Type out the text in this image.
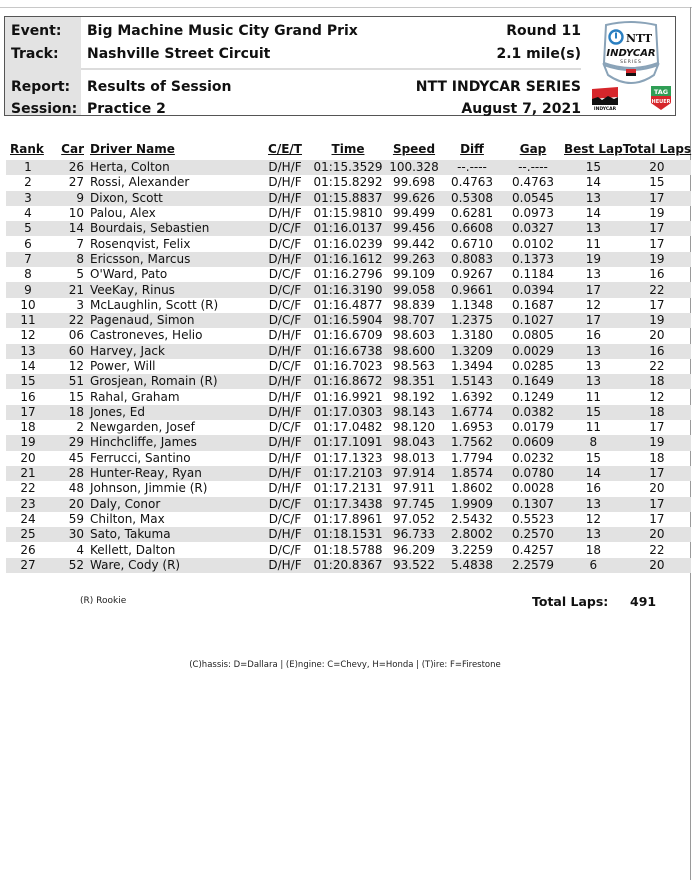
Event: Big Machine Music City Grand Prix	Round 11
Track: Nashville Street Circuit	2.1 mile(s)
Report: Results of Session	NTT INDYCAR SERIES
Session: Practice 2	August 7, 2021
NTT
INDYCAR
SERIES
INDYCAR
TAG
HEUER
Rank	Car	Driver Name	C/E/T	Time	Speed	Diff	Gap	Best Lap	Total Laps
1	26	Herta, Colton	D/H/F	01:15.3529	100.328	--.----	--.----	15	20
2	27	Rossi, Alexander	D/H/F	01:15.8292	99.698	0.4763	0.4763	14	15
3	9	Dixon, Scott	D/H/F	01:15.8837	99.626	0.5308	0.0545	13	17
4	10	Palou, Alex	D/H/F	01:15.9810	99.499	0.6281	0.0973	14	19
5	14	Bourdais, Sebastien	D/C/F	01:16.0137	99.456	0.6608	0.0327	13	17
6	7	Rosenqvist, Felix	D/C/F	01:16.0239	99.442	0.6710	0.0102	11	17
7	8	Ericsson, Marcus	D/H/F	01:16.1612	99.263	0.8083	0.1373	19	19
8	5	O'Ward, Pato	D/C/F	01:16.2796	99.109	0.9267	0.1184	13	16
9	21	VeeKay, Rinus	D/C/F	01:16.3190	99.058	0.9661	0.0394	17	22
10	3	McLaughlin, Scott (R)	D/C/F	01:16.4877	98.839	1.1348	0.1687	12	17
11	22	Pagenaud, Simon	D/C/F	01:16.5904	98.707	1.2375	0.1027	17	19
12	06	Castroneves, Helio	D/H/F	01:16.6709	98.603	1.3180	0.0805	16	20
13	60	Harvey, Jack	D/H/F	01:16.6738	98.600	1.3209	0.0029	13	16
14	12	Power, Will	D/C/F	01:16.7023	98.563	1.3494	0.0285	13	22
15	51	Grosjean, Romain (R)	D/H/F	01:16.8672	98.351	1.5143	0.1649	13	18
16	15	Rahal, Graham	D/H/F	01:16.9921	98.192	1.6392	0.1249	11	12
17	18	Jones, Ed	D/H/F	01:17.0303	98.143	1.6774	0.0382	15	18
18	2	Newgarden, Josef	D/C/F	01:17.0482	98.120	1.6953	0.0179	11	17
19	29	Hinchcliffe, James	D/H/F	01:17.1091	98.043	1.7562	0.0609	8	19
20	45	Ferrucci, Santino	D/H/F	01:17.1323	98.013	1.7794	0.0232	15	18
21	28	Hunter-Reay, Ryan	D/H/F	01:17.2103	97.914	1.8574	0.0780	14	17
22	48	Johnson, Jimmie (R)	D/H/F	01:17.2131	97.911	1.8602	0.0028	16	20
23	20	Daly, Conor	D/C/F	01:17.3438	97.745	1.9909	0.1307	13	17
24	59	Chilton, Max	D/C/F	01:17.8961	97.052	2.5432	0.5523	12	17
25	30	Sato, Takuma	D/H/F	01:18.1531	96.733	2.8002	0.2570	13	20
26	4	Kellett, Dalton	D/C/F	01:18.5788	96.209	3.2259	0.4257	18	22
27	52	Ware, Cody (R)	D/H/F	01:20.8367	93.522	5.4838	2.2579	6	20
(R) Rookie	Total Laps: 491
(C)hassis: D=Dallara | (E)ngine: C=Chevy, H=Honda | (T)ire: F=Firestone
